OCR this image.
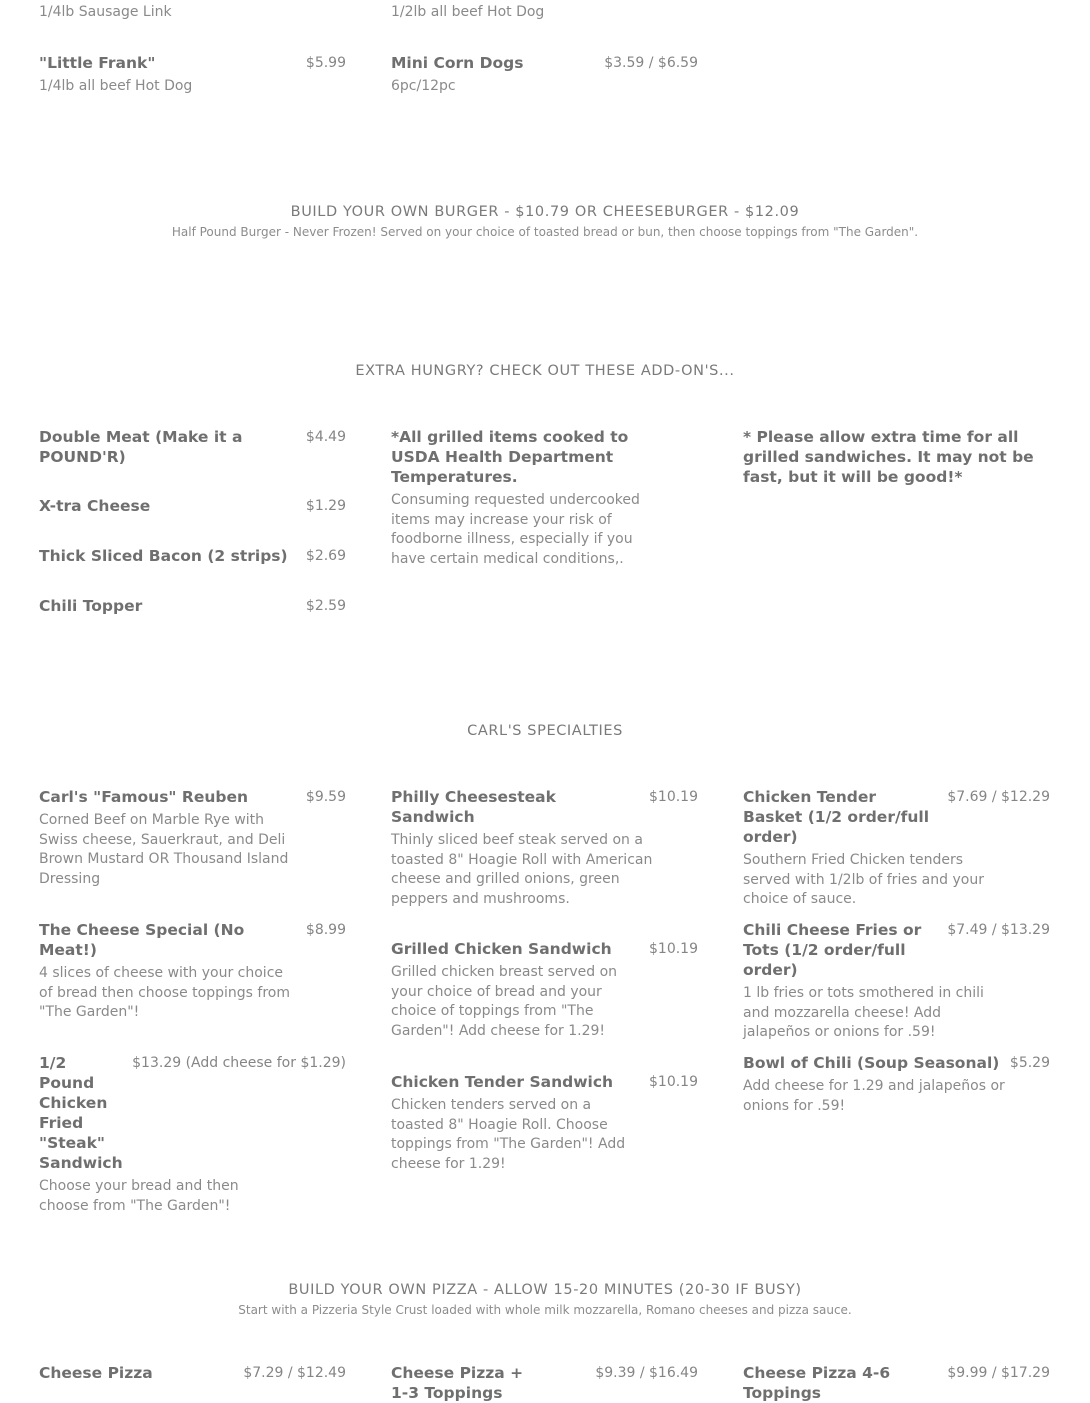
1/4lb Sausage Link	1/2lb all beef Hot Dog
"Little Frank"	$5.99
1/4lb all beef Hot Dog
Mini Corn Dogs	$3.59 / $6.59
6pc/12pc
BUILD YOUR OWN BURGER - $10.79 OR CHEESEBURGER - $12.09
Half Pound Burger - Never Frozen! Served on your choice of toasted bread or bun, then choose toppings from "The Garden".
EXTRA HUNGRY? CHECK OUT THESE ADD-ON'S...
Double Meat (Make it a POUND'R)
$4.49
X-tra Cheese	$1.29
Thick Sliced Bacon (2 strips)	$2.69
Chili Topper	$2.59
*All grilled items cooked to USDA Health Department Temperatures.
Consuming requested undercooked items may increase your risk of foodborne illness, especially if you have certain medical conditions,.
* Please allow extra time for all grilled sandwiches. It may not be fast, but it will be good!*
CARL'S SPECIALTIES
Carl's "Famous" Reuben	$9.59
Corned Beef on Marble Rye with Swiss cheese, Sauerkraut, and Deli Brown Mustard OR Thousand Island Dressing
Philly Cheesesteak Sandwich
$10.19
Thinly sliced beef steak served on a toasted 8" Hoagie Roll with American cheese and grilled onions, green peppers and mushrooms.
Chicken Tender Basket (1/2 order/full order)
$7.69 / $12.29
Southern Fried Chicken tenders served with 1/2lb of fries and your choice of sauce.
The Cheese Special (No Meat!)
$8.99
4 slices of cheese with your choice of bread then choose toppings from "The Garden"!
Grilled Chicken Sandwich	$10.19
Grilled chicken breast served on your choice of bread and your choice of toppings from "The Garden"! Add cheese for 1.29!
Chili Cheese Fries or Tots (1/2 order/full order)
$7.49 / $13.29
1 lb fries or tots smothered in chili and mozzarella cheese! Add jalapeños or onions for .59!
1/2 Pound Chicken Fried "Steak" Sandwich
$13.29 (Add cheese for $1.29)
Choose your bread and then choose from "The Garden"!
Chicken Tender Sandwich	$10.19
Chicken tenders served on a toasted 8" Hoagie Roll. Choose toppings from "The Garden"! Add cheese for 1.29!
Bowl of Chili (Soup Seasonal) $5.29
Add cheese for 1.29 and jalapeños or onions for .59!
BUILD YOUR OWN PIZZA - ALLOW 15-20 MINUTES (20-30 IF BUSY)
Start with a Pizzeria Style Crust loaded with whole milk mozzarella, Romano cheeses and pizza sauce.
Cheese Pizza	$7.29 / $12.49	Cheese Pizza + 1-3 Toppings
$9.39 / $16.49	Cheese Pizza 4-6 Toppings
$9.99 / $17.29
